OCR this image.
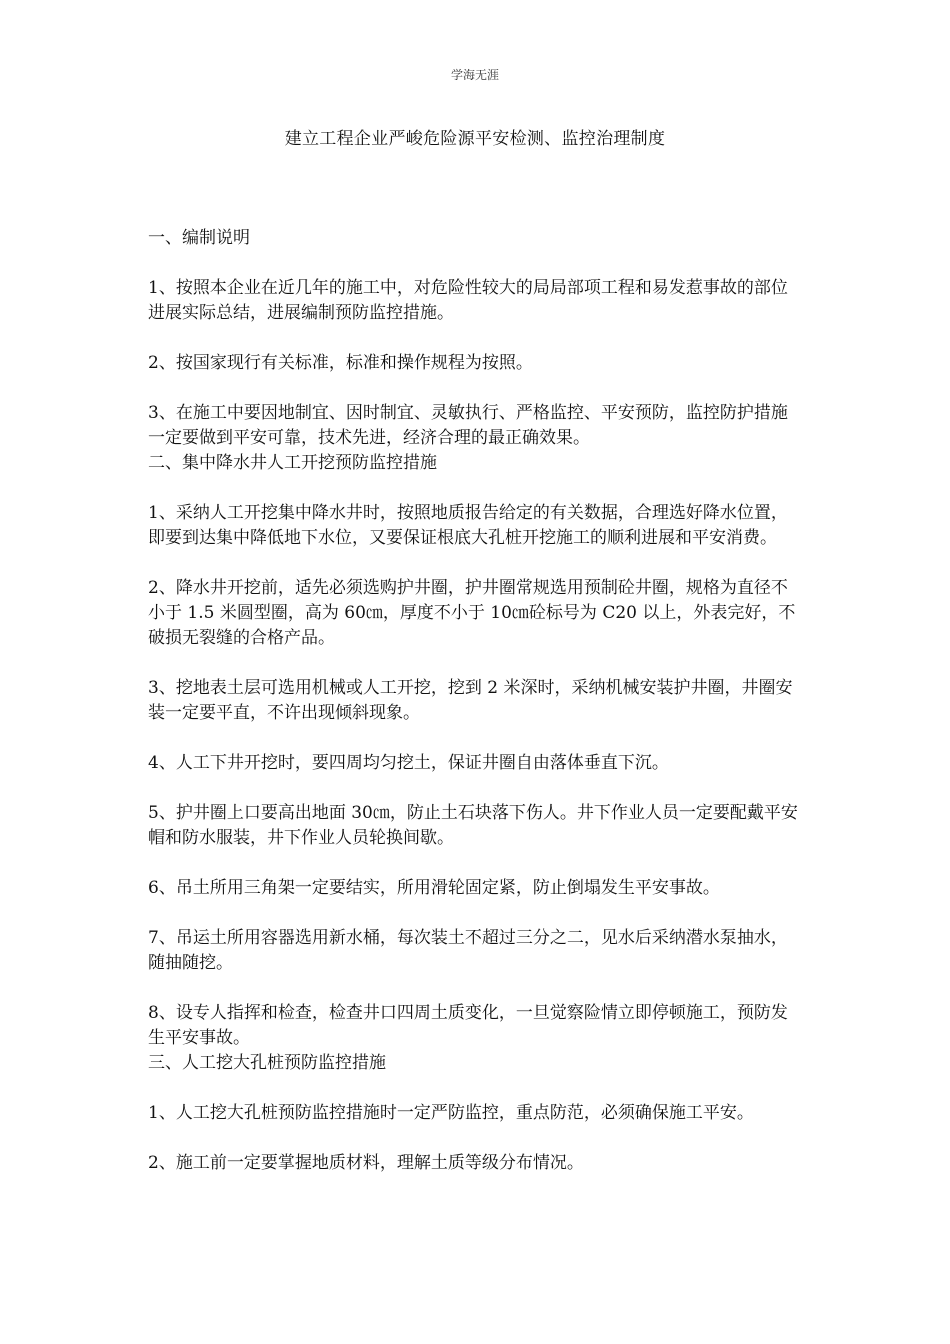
学海无涯
建立工程企业严峻危险源平安检测、监控治理制度

一、编制说明

1、按照本企业在近几年的施工中，对危险性较大的局局部项工程和易发惹事故的部位进展实际总结，进展编制预防监控措施。

2、按国家现行有关标准，标准和操作规程为按照。

3、在施工中要因地制宜、因时制宜、灵敏执行、严格监控、平安预防，监控防护措施一定要做到平安可靠，技术先进，经济合理的最正确效果。

二、集中降水井人工开挖预防监控措施

1、采纳人工开挖集中降水井时，按照地质报告给定的有关数据，合理选好降水位置，即要到达集中降低地下水位，又要保证根底大孔桩开挖施工的顺利进展和平安消费。

2、降水井开挖前，适先必须选购护井圈，护井圈常规选用预制砼井圈，规格为直径不小于 1.5 米圆型圈，高为 60㎝，厚度不小于 10㎝砼标号为 C20 以上，外表完好，不破损无裂缝的合格产品。

3、挖地表土层可选用机械或人工开挖，挖到 2 米深时，采纳机械安装护井圈，井圈安装一定要平直，不许出现倾斜现象。

4、人工下井开挖时，要四周均匀挖土，保证井圈自由落体垂直下沉。

5、护井圈上口要高出地面 30㎝，防止土石块落下伤人。井下作业人员一定要配戴平安帽和防水服装，井下作业人员轮换间歇。

6、吊土所用三角架一定要结实，所用滑轮固定紧，防止倒塌发生平安事故。

7、吊运土所用容器选用新水桶，每次装土不超过三分之二，见水后采纳潜水泵抽水，随抽随挖。

8、设专人指挥和检查，检查井口四周土质变化，一旦觉察险情立即停顿施工，预防发生平安事故。

三、人工挖大孔桩预防监控措施

1、人工挖大孔桩预防监控措施时一定严防监控，重点防范，必须确保施工平安。

2、施工前一定要掌握地质材料，理解土质等级分布情况。
